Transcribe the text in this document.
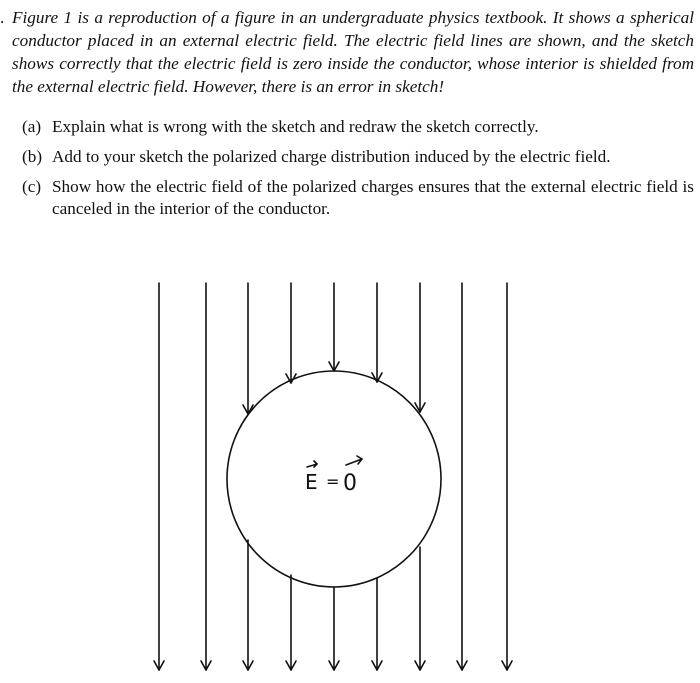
. Figure 1 is a reproduction of a figure in an undergraduate physics textbook. It shows a spherical conductor placed in an external electric field. The electric field lines are shown, and the sketch shows correctly that the electric field is zero inside the conductor, whose interior is shielded from the external electric field. However, there is an error in sketch!
(a) Explain what is wrong with the sketch and redraw the sketch correctly.
(b) Add to your sketch the polarized charge distribution induced by the electric field.
(c) Show how the electric field of the polarized charges ensures that the external electric field is canceled in the interior of the conductor.
E = 0
